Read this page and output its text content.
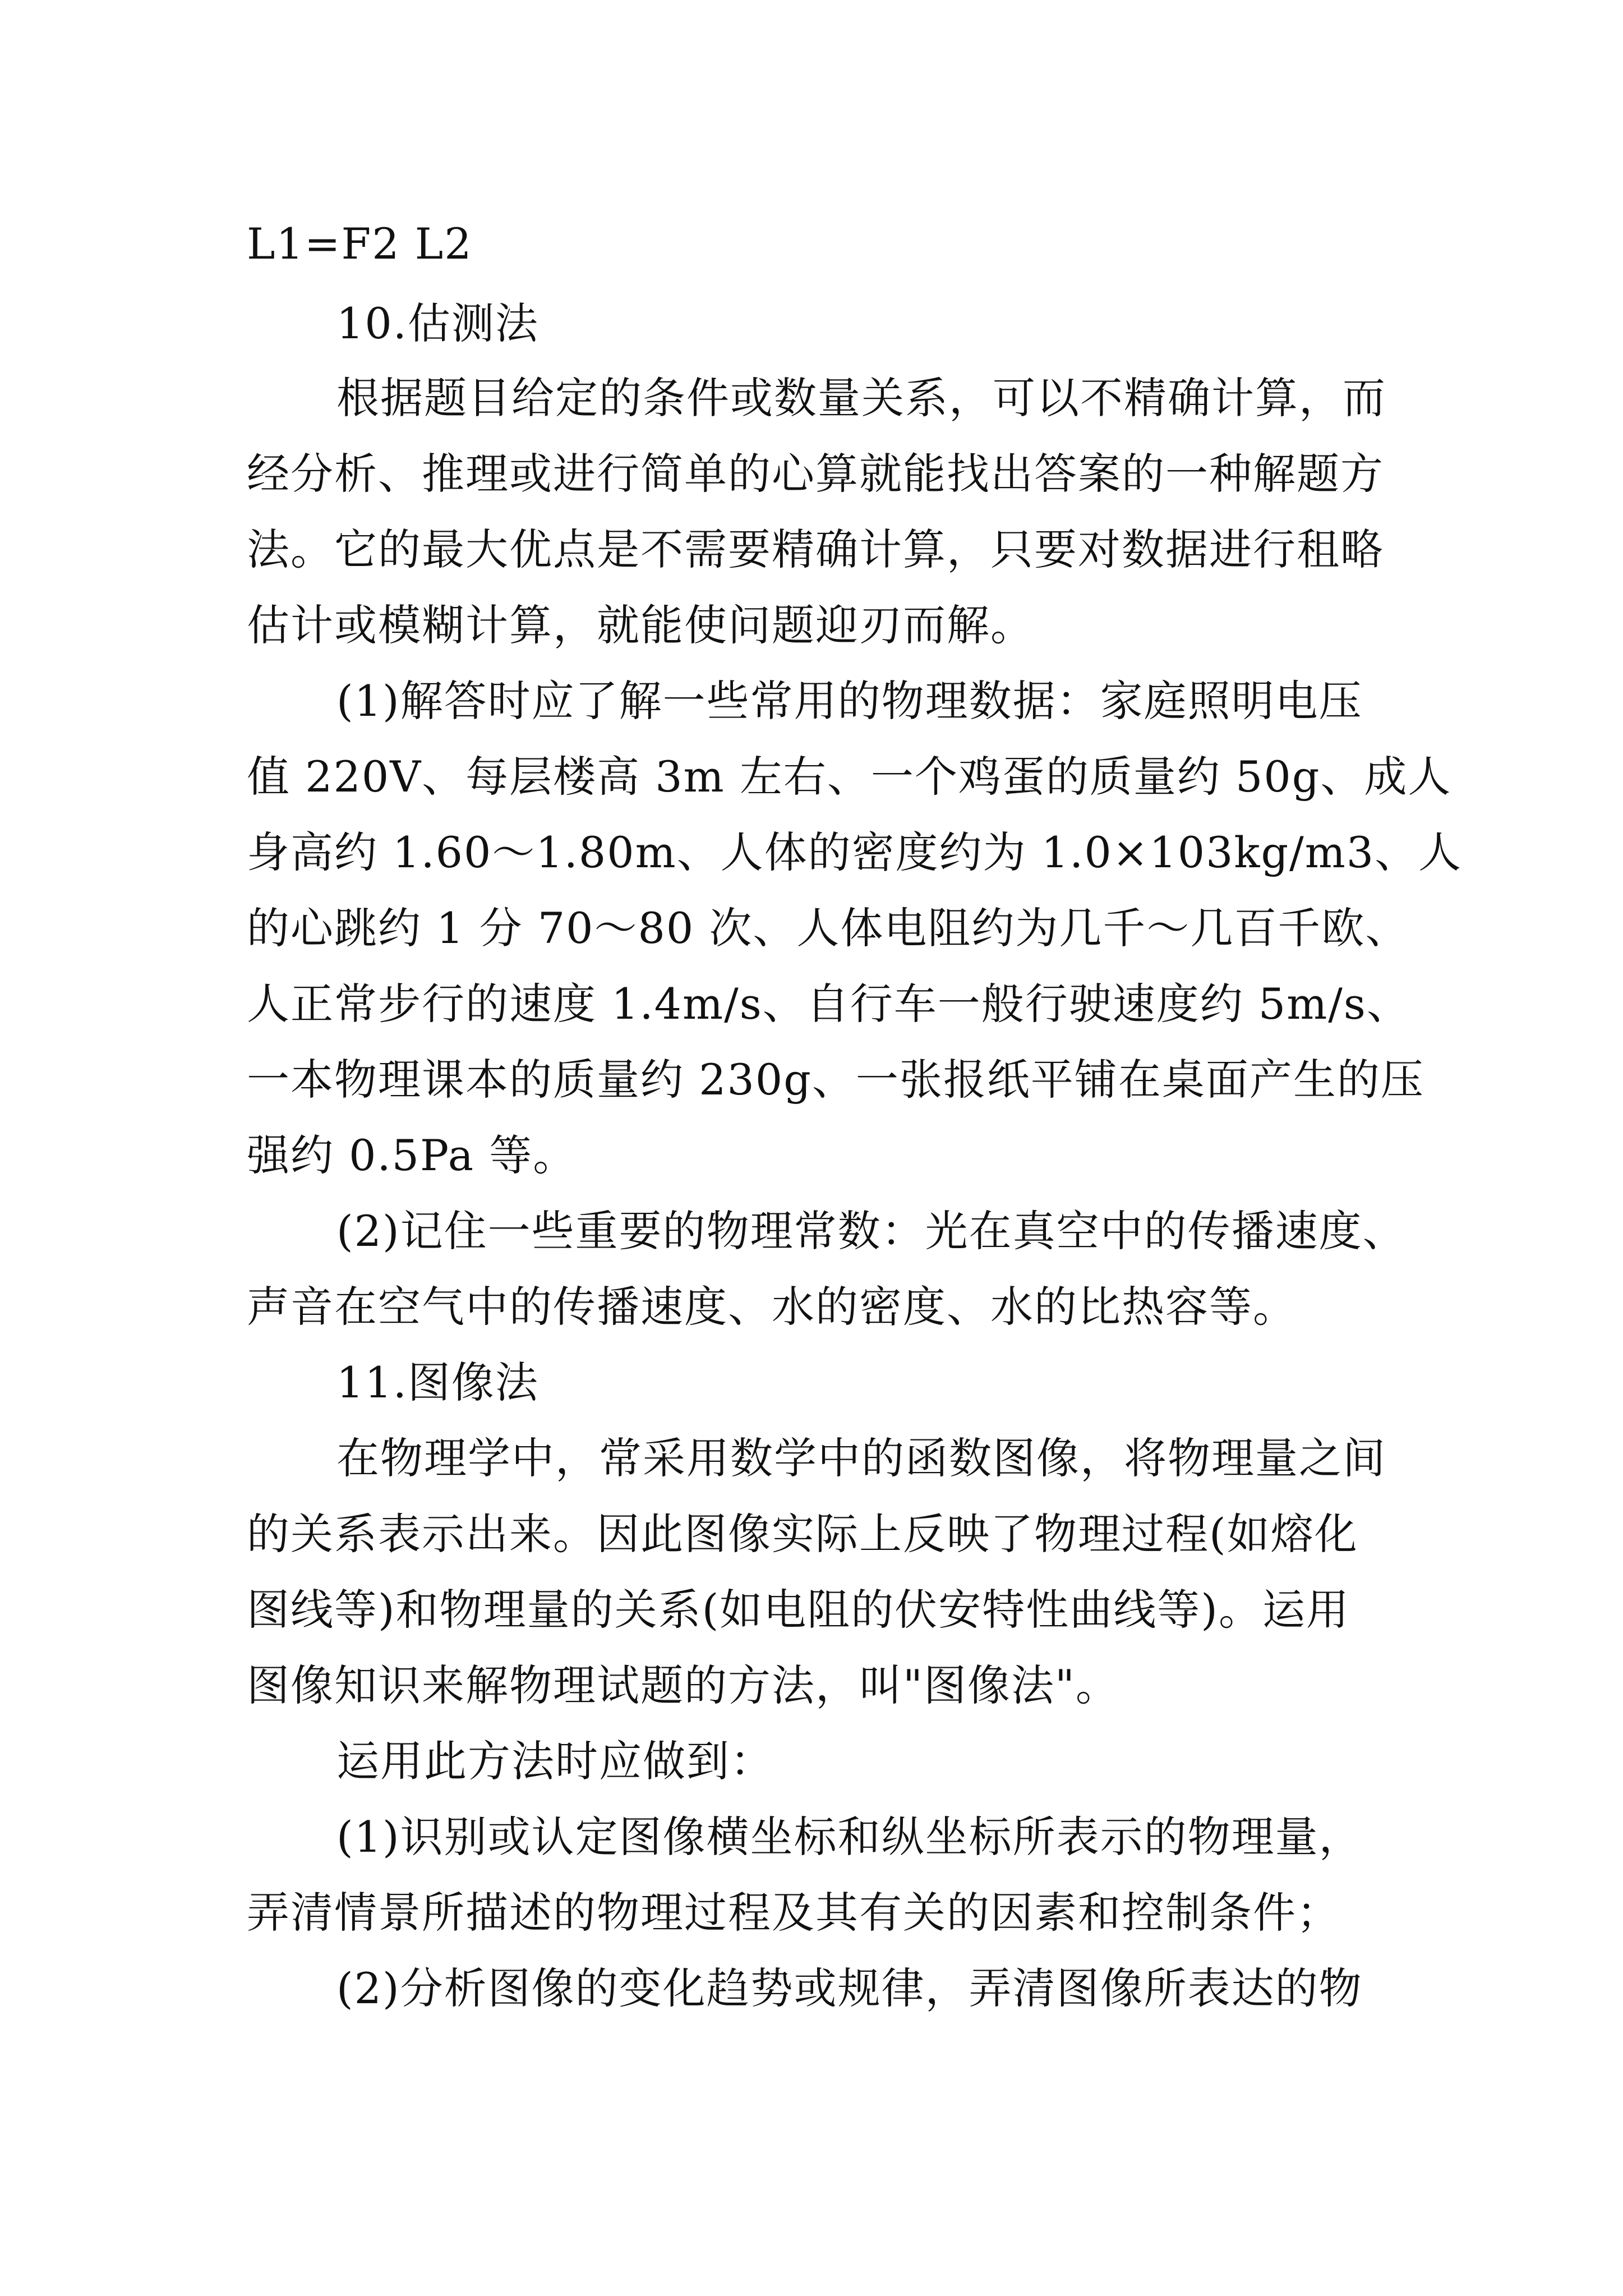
L1=F2 L2
10.估测法
根据题目给定的条件或数量关系，可以不精确计算，而
经分析、推理或进行简单的心算就能找出答案的一种解题方
法。它的最大优点是不需要精确计算，只要对数据进行租略
估计或模糊计算，就能使问题迎刃而解。
(1)解答时应了解一些常用的物理数据：家庭照明电压
值 220V、每层楼高 3m 左右、一个鸡蛋的质量约 50g、成人
身高约 1.60～1.80m、人体的密度约为 1.0×103kg/m3、人
的心跳约 1 分 70～80 次、人体电阻约为几千～几百千欧、
人正常步行的速度 1.4m/s、自行车一般行驶速度约 5m/s、
一本物理课本的质量约 230g、一张报纸平铺在桌面产生的压
强约 0.5Pa 等。
(2)记住一些重要的物理常数：光在真空中的传播速度、
声音在空气中的传播速度、水的密度、水的比热容等。
11.图像法
在物理学中，常采用数学中的函数图像，将物理量之间
的关系表示出来。因此图像实际上反映了物理过程(如熔化
图线等)和物理量的关系(如电阻的伏安特性曲线等)。运用
图像知识来解物理试题的方法，叫"图像法"。
运用此方法时应做到：
(1)识别或认定图像横坐标和纵坐标所表示的物理量，
弄清情景所描述的物理过程及其有关的因素和控制条件；
(2)分析图像的变化趋势或规律，弄清图像所表达的物
